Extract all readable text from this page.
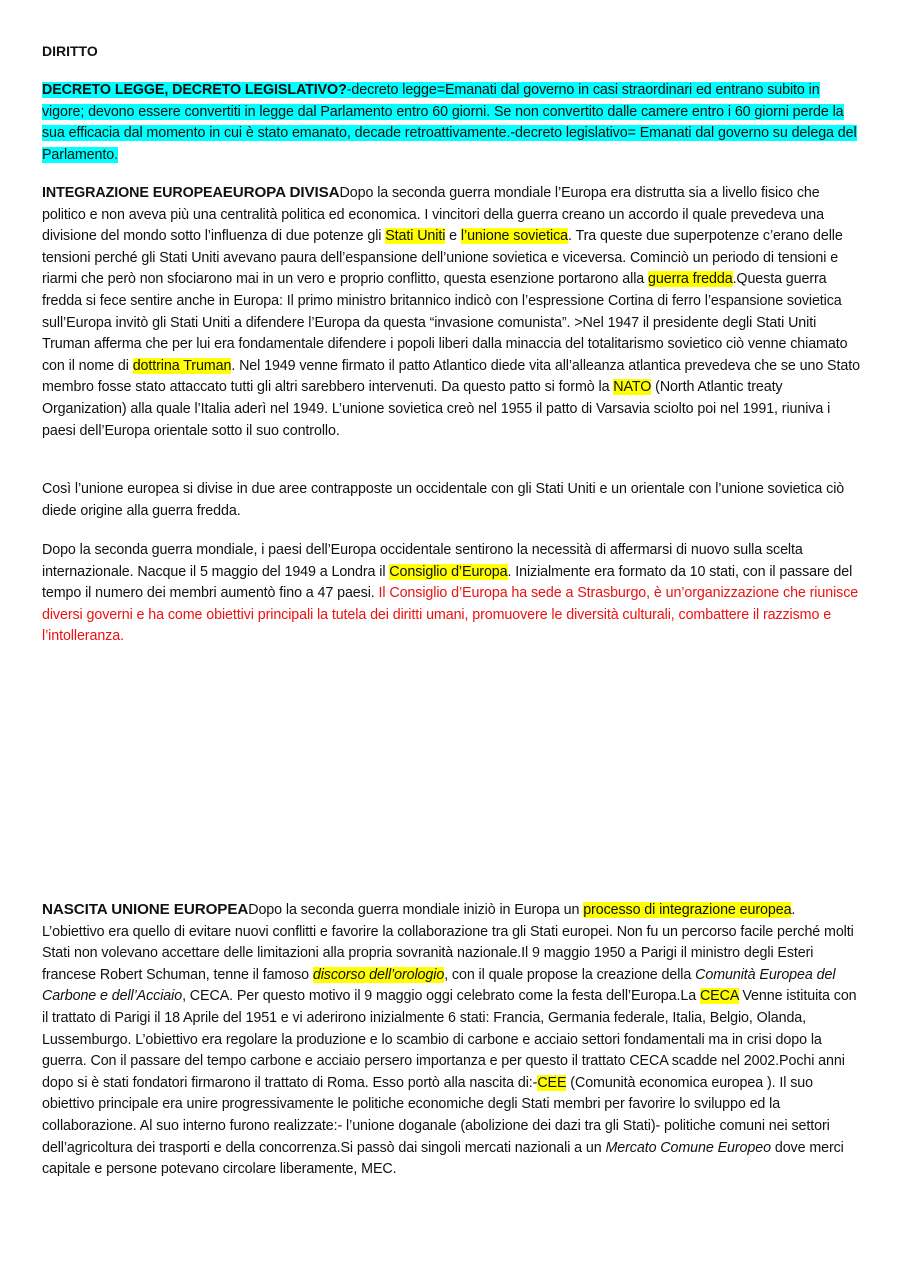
DIRITTO

DECRETO LEGGE, DECRETO LEGISLATIVO?-decreto legge=Emanati dal governo in casi straordinari ed entrano subito in vigore; devono essere convertiti in legge dal Parlamento entro 60 giorni. Se non convertito dalle camere entro i 60 giorni perde la sua efficacia dal momento in cui è stato emanato, decade retroattivamente.-decreto legislativo= Emanati dal governo su delega del Parlamento.

INTEGRAZIONE EUROPEAEUROPA DIVISADopo la seconda guerra mondiale l’Europa era distrutta sia a livello fisico che politico e non aveva più una centralità politica ed economica. I vincitori della guerra creano un accordo il quale prevedeva una divisione del mondo sotto l’influenza di due potenze gli Stati Uniti e l’unione sovietica. Tra queste due superpotenze c’erano delle tensioni perché gli Stati Uniti avevano paura dell’espansione dell’unione sovietica e viceversa. Cominciò un periodo di tensioni e riarmi che però non sfociarono mai in un vero e proprio conflitto, questa esenzione portarono alla guerra fredda.Questa guerra fredda si fece sentire anche in Europa: Il primo ministro britannico indicò con l’espressione Cortina di ferro l’espansione sovietica sull’Europa invitò gli Stati Uniti a difendere l’Europa da questa “invasione comunista”. >Nel 1947 il presidente degli Stati Uniti Truman afferma che per lui era fondamentale difendere i popoli liberi dalla minaccia del totalitarismo sovietico ciò venne chiamato con il nome di dottrina Truman. Nel 1949 venne firmato il patto Atlantico diede vita all’alleanza atlantica prevedeva che se uno Stato membro fosse stato attaccato tutti gli altri sarebbero intervenuti. Da questo patto si formò la NATO (North Atlantic treaty Organization) alla quale l’Italia aderì nel 1949. L’unione sovietica creò nel 1955 il patto di Varsavia sciolto poi nel 1991, riuniva i paesi dell’Europa orientale sotto il suo controllo.

Così l’unione europea si divise in due aree contrapposte un occidentale con gli Stati Uniti e un orientale con l’unione sovietica ciò diede origine alla guerra fredda.

Dopo la seconda guerra mondiale, i paesi dell’Europa occidentale sentirono la necessità di affermarsi di nuovo sulla scelta internazionale. Nacque il 5 maggio del 1949 a Londra il Consiglio d’Europa. Inizialmente era formato da 10 stati, con il passare del tempo il numero dei membri aumentò fino a 47 paesi. Il Consiglio d’Europa ha sede a Strasburgo, è un’organizzazione che riunisce diversi governi e ha come obiettivi principali la tutela dei diritti umani, promuovere le diversità culturali, combattere il razzismo e l’intolleranza.

NASCITA UNIONE EUROPEADopo la seconda guerra mondiale iniziò in Europa un processo di integrazione europea. L’obiettivo era quello di evitare nuovi conflitti e favorire la collaborazione tra gli Stati europei. Non fu un percorso facile perché molti Stati non volevano accettare delle limitazioni alla propria sovranità nazionale.Il 9 maggio 1950 a Parigi il ministro degli Esteri francese Robert Schuman, tenne il famoso discorso dell’orologio, con il quale propose la creazione della Comunità Europea del Carbone e dell’Acciaio, CECA. Per questo motivo il 9 maggio oggi celebrato come la festa dell’Europa.La CECA Venne istituita con il trattato di Parigi il 18 Aprile del 1951 e vi aderirono inizialmente 6 stati: Francia, Germania federale, Italia, Belgio, Olanda, Lussemburgo. L’obiettivo era regolare la produzione e lo scambio di carbone e acciaio settori fondamentali ma in crisi dopo la guerra. Con il passare del tempo carbone e acciaio persero importanza e per questo il trattato CECA scadde nel 2002.Pochi anni dopo si è stati fondatori firmarono il trattato di Roma. Esso portò alla nascita di:-CEE (Comunità economica europea ). Il suo obiettivo principale era unire progressivamente le politiche economiche degli Stati membri per favorire lo sviluppo ed la collaborazione. Al suo interno furono realizzate:- l’unione doganale (abolizione dei dazi tra gli Stati)- politiche comuni nei settori dell’agricoltura dei trasporti e della concorrenza.Si passò dai singoli mercati nazionali a un Mercato Comune Europeo dove merci capitale e persone potevano circolare liberamente, MEC.
